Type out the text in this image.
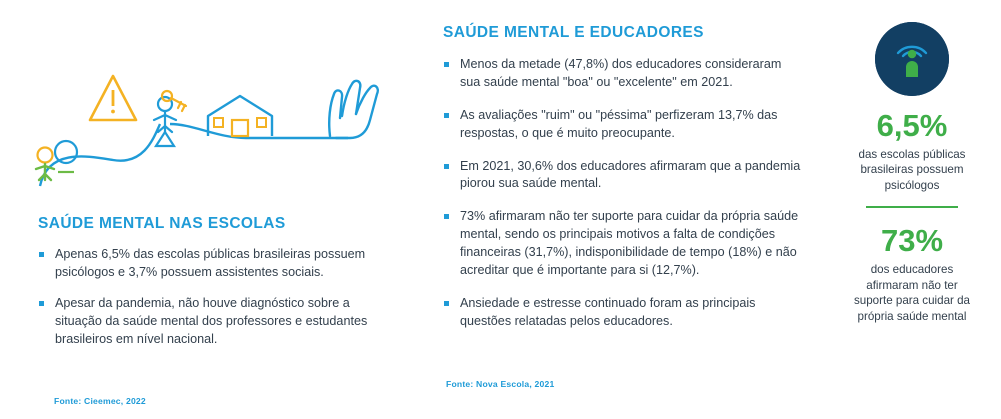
SAÚDE MENTAL NAS ESCOLAS
Apenas 6,5% das escolas públicas brasileiras possuem psicólogos e 3,7% possuem assistentes sociais.
Apesar da pandemia, não houve diagnóstico sobre a situação da saúde mental dos professores e estudantes brasileiros em nível nacional.
Fonte: Cieemec, 2022
SAÚDE MENTAL E EDUCADORES
Menos da metade (47,8%) dos educadores consideraram sua saúde mental "boa" ou "excelente" em 2021.
As avaliações "ruim" ou "péssima" perfizeram 13,7% das respostas, o que é muito preocupante.
Em 2021, 30,6% dos educadores afirmaram que a pandemia piorou sua saúde mental.
73% afirmaram não ter suporte para cuidar da própria saúde mental, sendo os principais motivos a falta de condições financeiras (31,7%), indisponibilidade de tempo (18%) e não acreditar que é importante para si (12,7%).
Ansiedade e estresse continuado foram as principais questões relatadas pelos educadores.
Fonte: Nova Escola, 2021
6,5%
das escolas públicas brasileiras possuem psicólogos
73%
dos educadores afirmaram não ter suporte para cuidar da própria saúde mental
